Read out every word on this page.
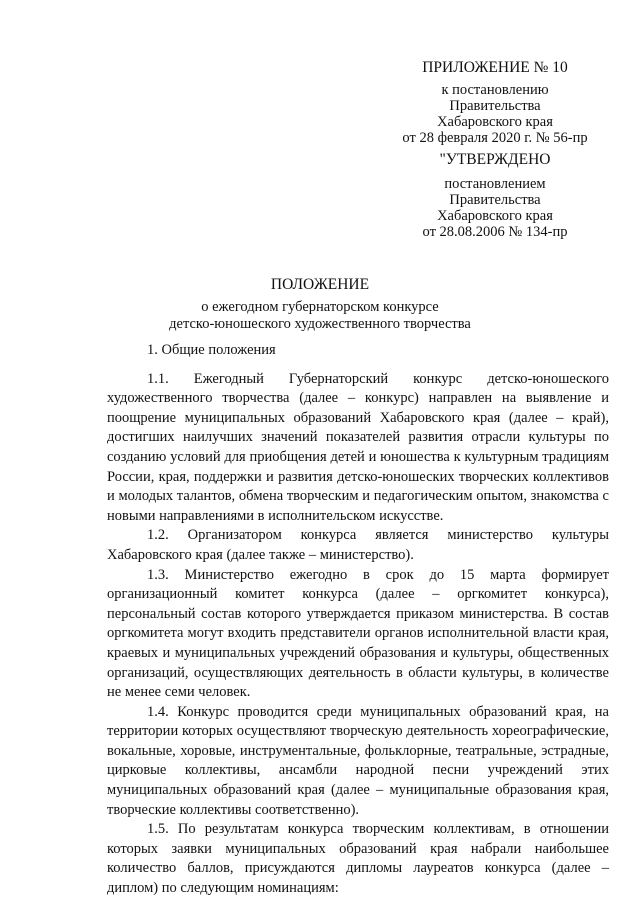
ПРИЛОЖЕНИЕ № 10
к постановлению
Правительства
Хабаровского края
от 28 февраля 2020 г. № 56-пр
"УТВЕРЖДЕНО
постановлением
Правительства
Хабаровского края
от 28.08.2006 № 134-пр
ПОЛОЖЕНИЕ
о ежегодном губернаторском конкурсе
детско-юношеского художественного творчества

1. Общие положения

1.1. Ежегодный Губернаторский конкурс детско-юношеского художественного творчества (далее – конкурс) направлен на выявление и поощрение муниципальных образований Хабаровского края (далее – край), достигших наилучших значений показателей развития отрасли культуры по созданию условий для приобщения детей и юношества к культурным традициям России, края, поддержки и развития детско-юношеских творческих коллективов и молодых талантов, обмена творческим и педагогическим опытом, знакомства с новыми направлениями в исполнительском искусстве.

1.2. Организатором конкурса является министерство культуры Хабаровского края (далее также – министерство).

1.3. Министерство ежегодно в срок до 15 марта формирует организационный комитет конкурса (далее – оргкомитет конкурса), персональный состав которого утверждается приказом министерства. В состав оргкомитета могут входить представители органов исполнительной власти края, краевых и муниципальных учреждений образования и культуры, общественных организаций, осуществляющих деятельность в области культуры, в количестве не менее семи человек.

1.4. Конкурс проводится среди муниципальных образований края, на территории которых осуществляют творческую деятельность хореографические, вокальные, хоровые, инструментальные, фольклорные, театральные, эстрадные, цирковые коллективы, ансамбли народной песни учреждений этих муниципальных образований края (далее – муниципальные образования края, творческие коллективы соответственно).

1.5. По результатам конкурса творческим коллективам, в отношении которых заявки муниципальных образований края набрали наибольшее количество баллов, присуждаются дипломы лауреатов конкурса (далее – диплом) по следующим номинациям:
